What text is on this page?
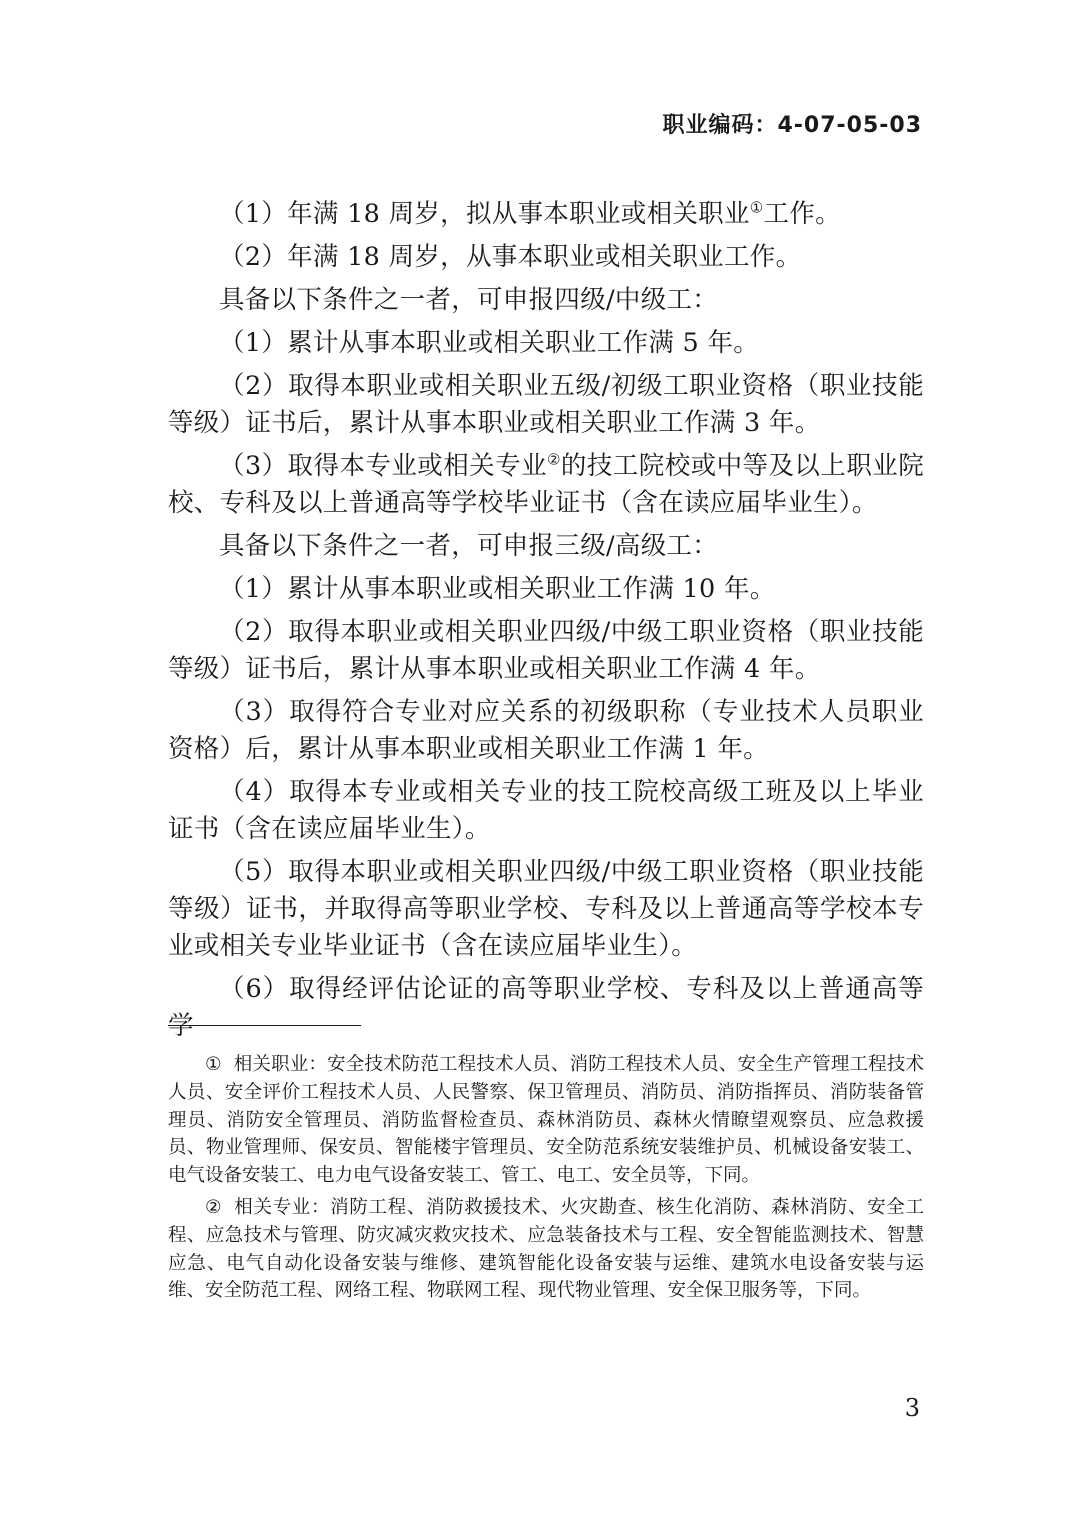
职业编码：4-07-05-03

（1）年满 18 周岁，拟从事本职业或相关职业①工作。

（2）年满 18 周岁，从事本职业或相关职业工作。

具备以下条件之一者，可申报四级/中级工：

（1）累计从事本职业或相关职业工作满 5 年。

（2）取得本职业或相关职业五级/初级工职业资格（职业技能等级）证书后，累计从事本职业或相关职业工作满 3 年。

（3）取得本专业或相关专业②的技工院校或中等及以上职业院校、专科及以上普通高等学校毕业证书（含在读应届毕业生）。

具备以下条件之一者，可申报三级/高级工：

（1）累计从事本职业或相关职业工作满 10 年。

（2）取得本职业或相关职业四级/中级工职业资格（职业技能等级）证书后，累计从事本职业或相关职业工作满 4 年。

（3）取得符合专业对应关系的初级职称（专业技术人员职业资格）后，累计从事本职业或相关职业工作满 1 年。

（4）取得本专业或相关专业的技工院校高级工班及以上毕业证书（含在读应届毕业生）。

（5）取得本职业或相关职业四级/中级工职业资格（职业技能等级）证书，并取得高等职业学校、专科及以上普通高等学校本专业或相关专业毕业证书（含在读应届毕业生）。

（6）取得经评估论证的高等职业学校、专科及以上普通高等学

① 相关职业：安全技术防范工程技术人员、消防工程技术人员、安全生产管理工程技术人员、安全评价工程技术人员、人民警察、保卫管理员、消防员、消防指挥员、消防装备管理员、消防安全管理员、消防监督检查员、森林消防员、森林火情瞭望观察员、应急救援员、物业管理师、保安员、智能楼宇管理员、安全防范系统安装维护员、机械设备安装工、电气设备安装工、电力电气设备安装工、管工、电工、安全员等，下同。

② 相关专业：消防工程、消防救援技术、火灾勘查、核生化消防、森林消防、安全工程、应急技术与管理、防灾减灾救灾技术、应急装备技术与工程、安全智能监测技术、智慧应急、电气自动化设备安装与维修、建筑智能化设备安装与运维、建筑水电设备安装与运维、安全防范工程、网络工程、物联网工程、现代物业管理、安全保卫服务等，下同。

3
